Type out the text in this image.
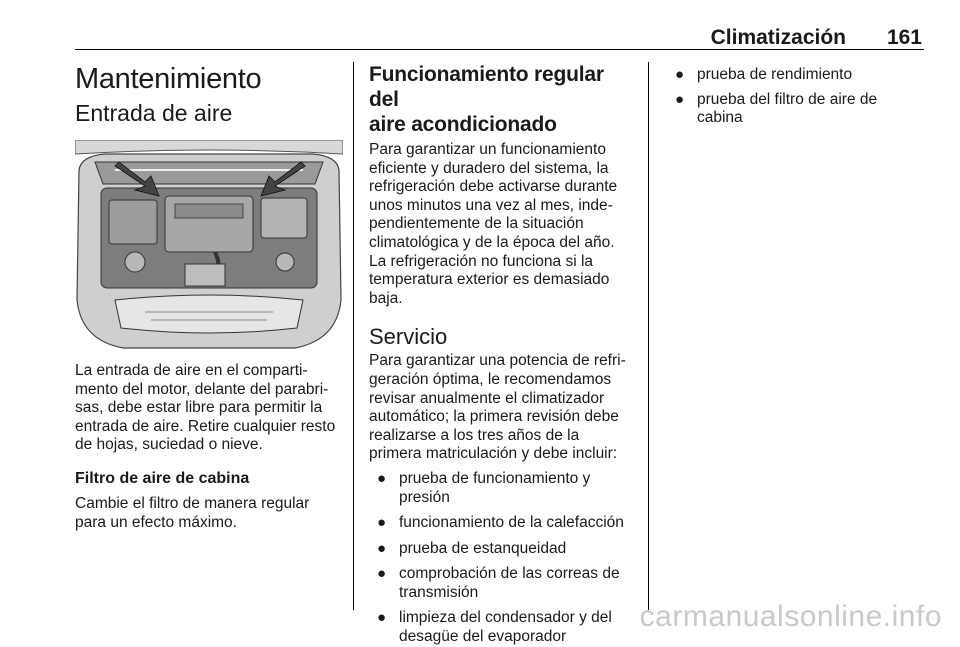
Climatización 161
Mantenimiento
Entrada de aire

La entrada de aire en el comparti-
mento del motor, delante del parabri-
sas, debe estar libre para permitir la
entrada de aire. Retire cualquier resto
de hojas, suciedad o nieve.

Filtro de aire de cabina

Cambie el filtro de manera regular
para un efecto máximo.

Funcionamiento regular del
aire acondicionado

Para garantizar un funcionamiento
eficiente y duradero del sistema, la
refrigeración debe activarse durante
unos minutos una vez al mes, inde-
pendientemente de la situación
climatológica y de la época del año.
La refrigeración no funciona si la
temperatura exterior es demasiado
baja.

Servicio

Para garantizar una potencia de refri-
geración óptima, le recomendamos
revisar anualmente el climatizador
automático; la primera revisión debe
realizarse a los tres años de la
primera matriculación y debe incluir:

● prueba de funcionamiento y
presión
● funcionamiento de la calefacción
● prueba de estanqueidad
● comprobación de las correas de
transmisión
● limpieza del condensador y del
desagüe del evaporador
● prueba de rendimiento
● prueba del filtro de aire de cabina
carmanualsonline.info
